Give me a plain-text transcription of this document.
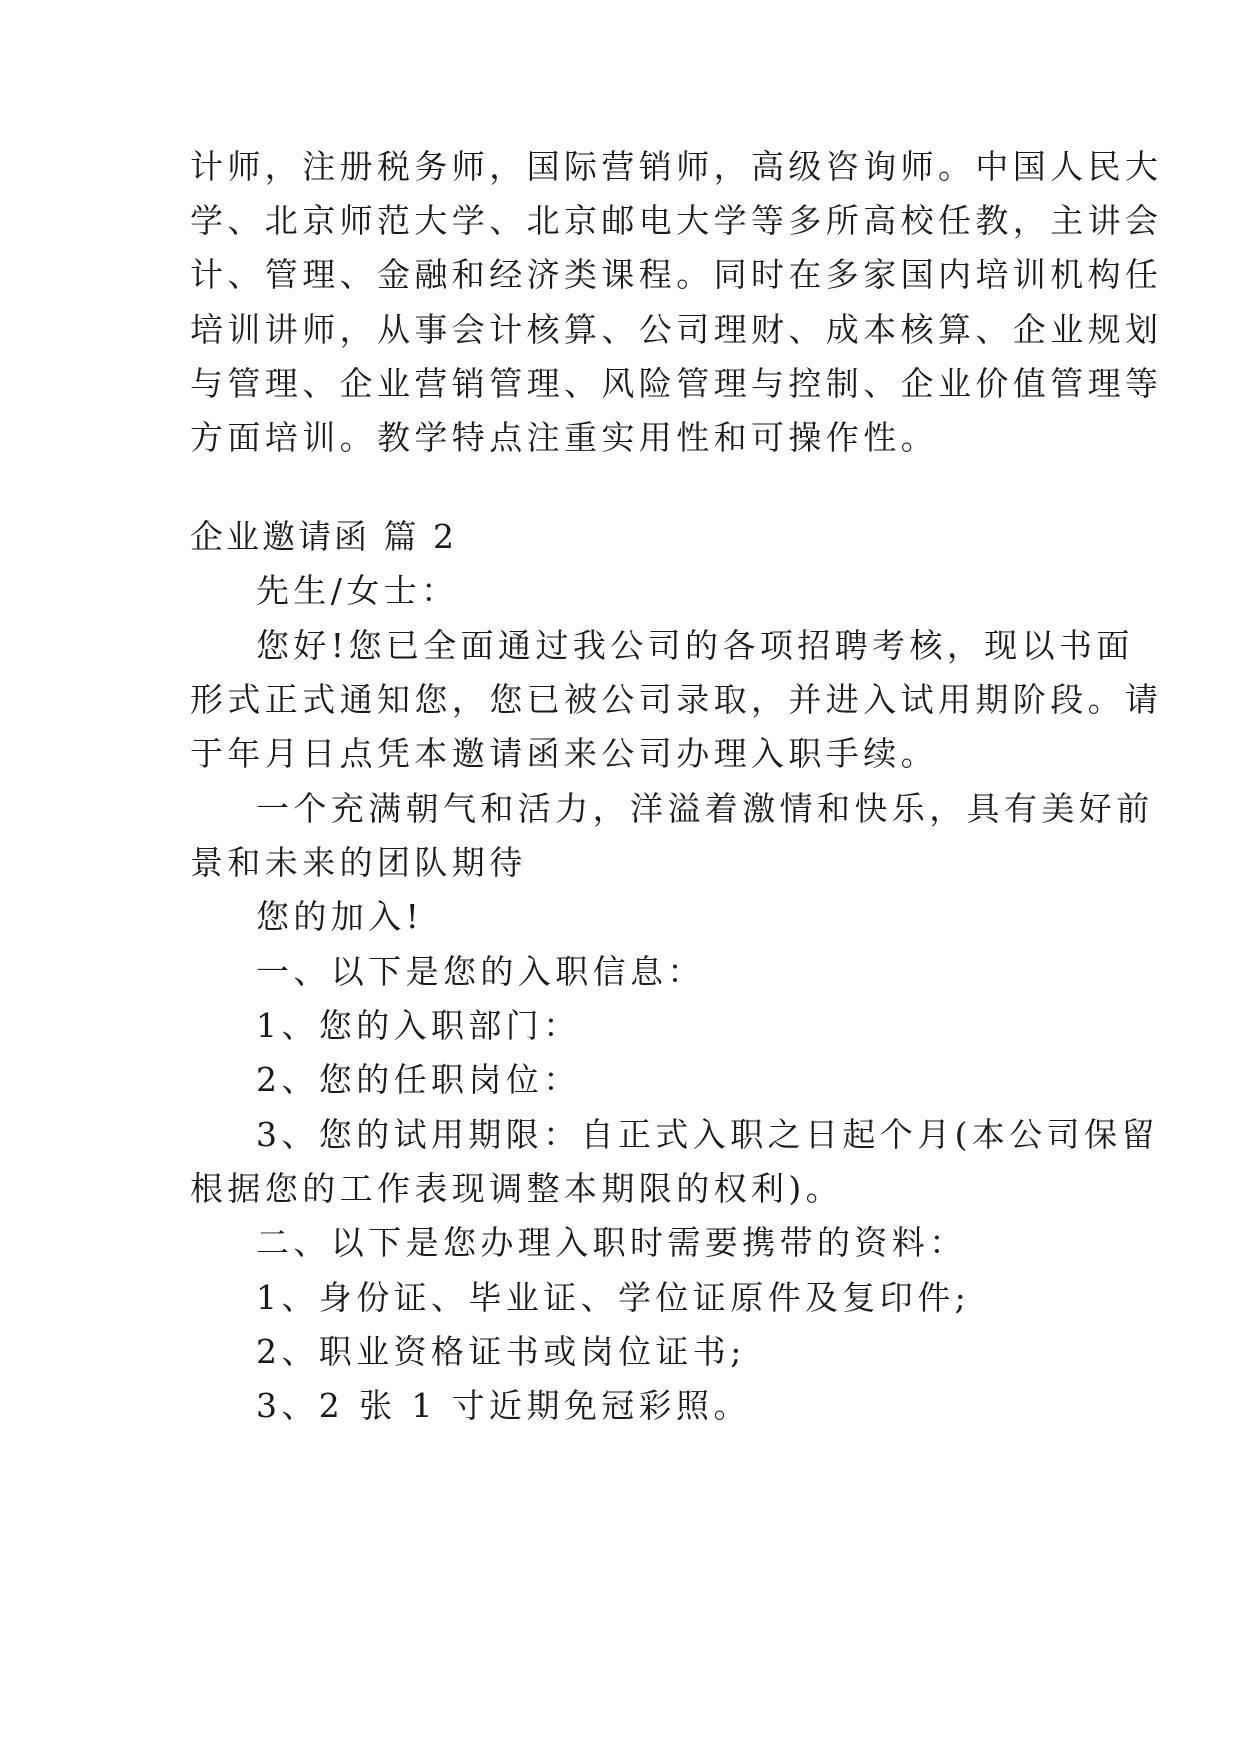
计师，注册税务师，国际营销师，高级咨询师。中国人民大
学、北京师范大学、北京邮电大学等多所高校任教，主讲会
计、管理、金融和经济类课程。同时在多家国内培训机构任
培训讲师，从事会计核算、公司理财、成本核算、企业规划
与管理、企业营销管理、风险管理与控制、企业价值管理等
方面培训。教学特点注重实用性和可操作性。
企业邀请函 篇 2
先生/女士：
您好!您已全面通过我公司的各项招聘考核，现以书面
形式正式通知您，您已被公司录取，并进入试用期阶段。请
于年月日点凭本邀请函来公司办理入职手续。
一个充满朝气和活力，洋溢着激情和快乐，具有美好前
景和未来的团队期待
您的加入!
一、以下是您的入职信息：
1、您的入职部门：
2、您的任职岗位：
3、您的试用期限：自正式入职之日起个月(本公司保留
根据您的工作表现调整本期限的权利)。
二、以下是您办理入职时需要携带的资料：
1、身份证、毕业证、学位证原件及复印件;
2、职业资格证书或岗位证书;
3、2 张 1 寸近期免冠彩照。
